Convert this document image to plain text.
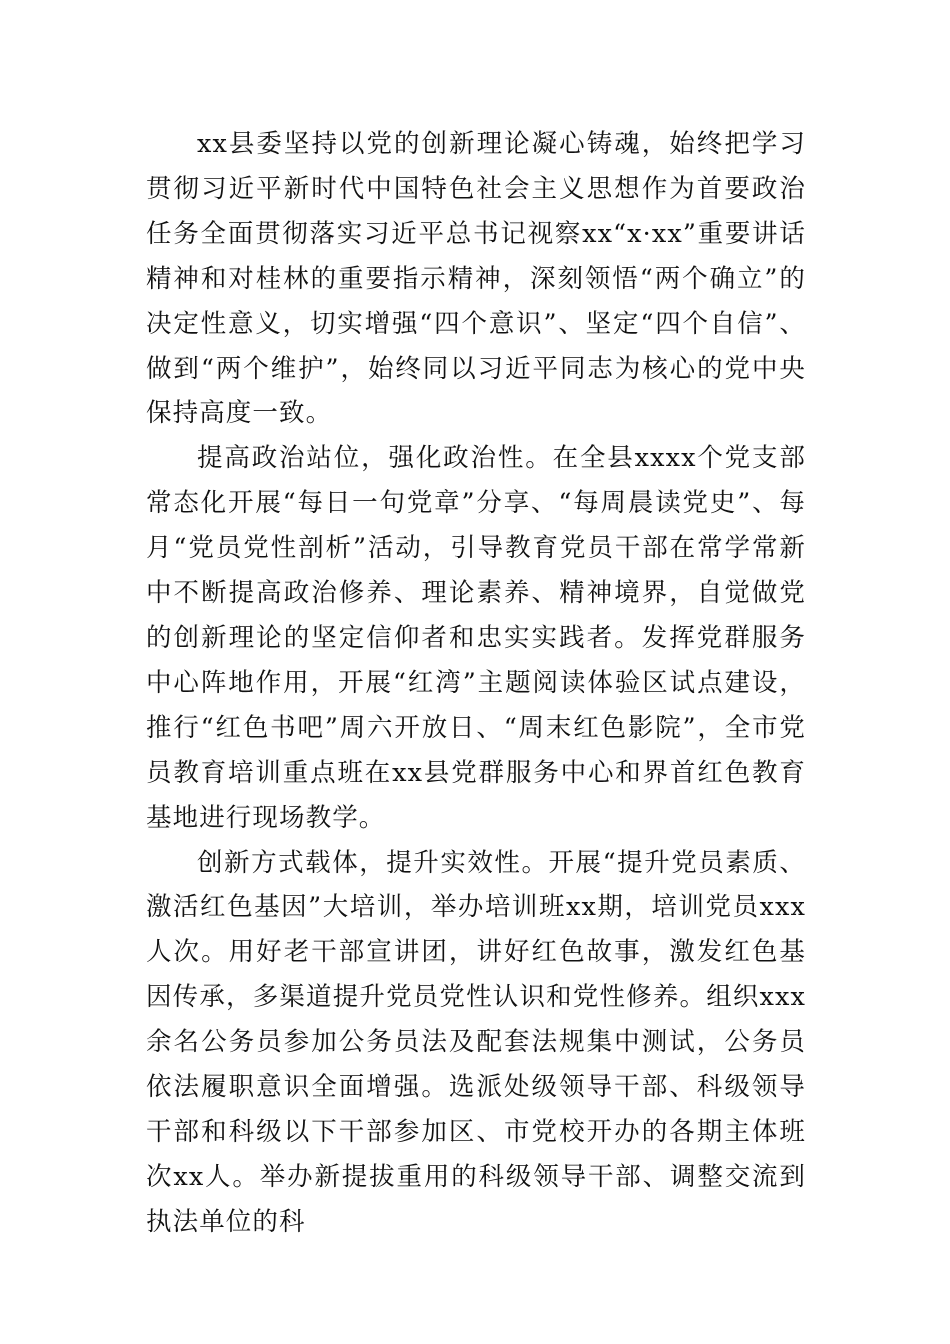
xx县委坚持以党的创新理论凝心铸魂，始终把学习贯彻习近平新时代中国特色社会主义思想作为首要政治任务全面贯彻落实习近平总书记视察xx“x·xx”重要讲话精神和对桂林的重要指示精神，深刻领悟“两个确立”的决定性意义，切实增强“四个意识”、坚定“四个自信”、做到“两个维护”，始终同以习近平同志为核心的党中央保持高度一致。

提高政治站位，强化政治性。在全县xxxx个党支部常态化开展“每日一句党章”分享、“每周晨读党史”、每月“党员党性剖析”活动，引导教育党员干部在常学常新中不断提高政治修养、理论素养、精神境界，自觉做党的创新理论的坚定信仰者和忠实实践者。发挥党群服务中心阵地作用，开展“红湾”主题阅读体验区试点建设，推行“红色书吧”周六开放日、“周末红色影院”，全市党员教育培训重点班在xx县党群服务中心和界首红色教育基地进行现场教学。

创新方式载体，提升实效性。开展“提升党员素质、激活红色基因”大培训，举办培训班xx期，培训党员xxx人次。用好老干部宣讲团，讲好红色故事，激发红色基因传承，多渠道提升党员党性认识和党性修养。组织xxx余名公务员参加公务员法及配套法规集中测试，公务员依法履职意识全面增强。选派处级领导干部、科级领导干部和科级以下干部参加区、市党校开办的各期主体班次xx人。举办新提拔重用的科级领导干部、调整交流到执法单位的科
